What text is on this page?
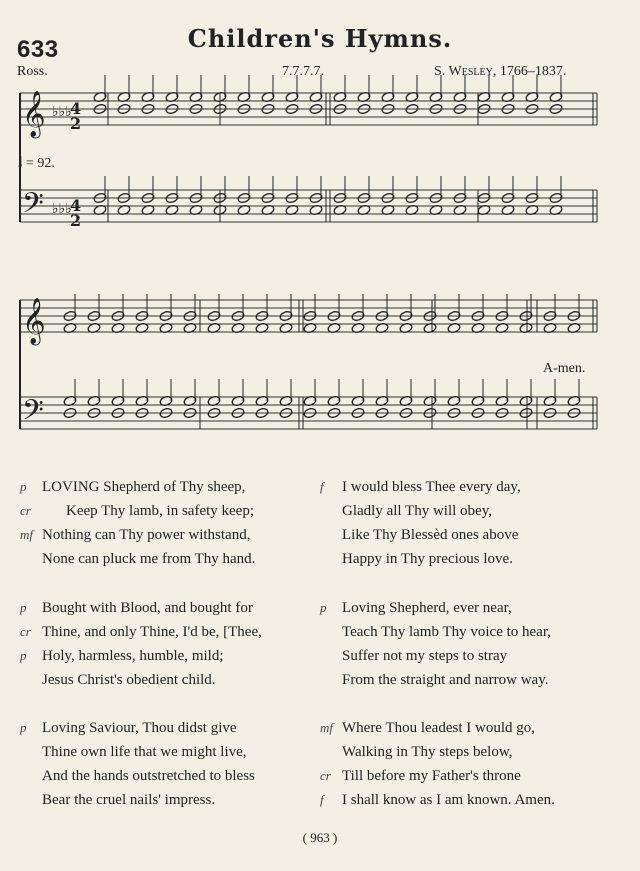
633	Children's Hymns.
Ross.	7.7.7.7.	S. Wesley, 1766–1837.
𝅗𝅥 = 92.
A-men.
𝄞
𝄢
𝄞
𝄢
4
2
♭♭♭
4
2
♭♭♭
p LOVING Shepherd of Thy sheep,
cr Keep Thy lamb, in safety keep;
mf Nothing can Thy power withstand,
None can pluck me from Thy hand.
f I would bless Thee every day,
Gladly all Thy will obey,
Like Thy Blessèd ones above
Happy in Thy precious love.
p Bought with Blood, and bought for
cr Thine, and only Thine, I'd be, [Thee,
p Holy, harmless, humble, mild;
Jesus Christ's obedient child.
p Loving Shepherd, ever near,
Teach Thy lamb Thy voice to hear,
Suffer not my steps to stray
From the straight and narrow way.
p Loving Saviour, Thou didst give
Thine own life that we might live,
And the hands outstretched to bless
Bear the cruel nails' impress.
mf Where Thou leadest I would go,
Walking in Thy steps below,
cr Till before my Father's throne
f I shall know as I am known. Amen.
( 963 )
